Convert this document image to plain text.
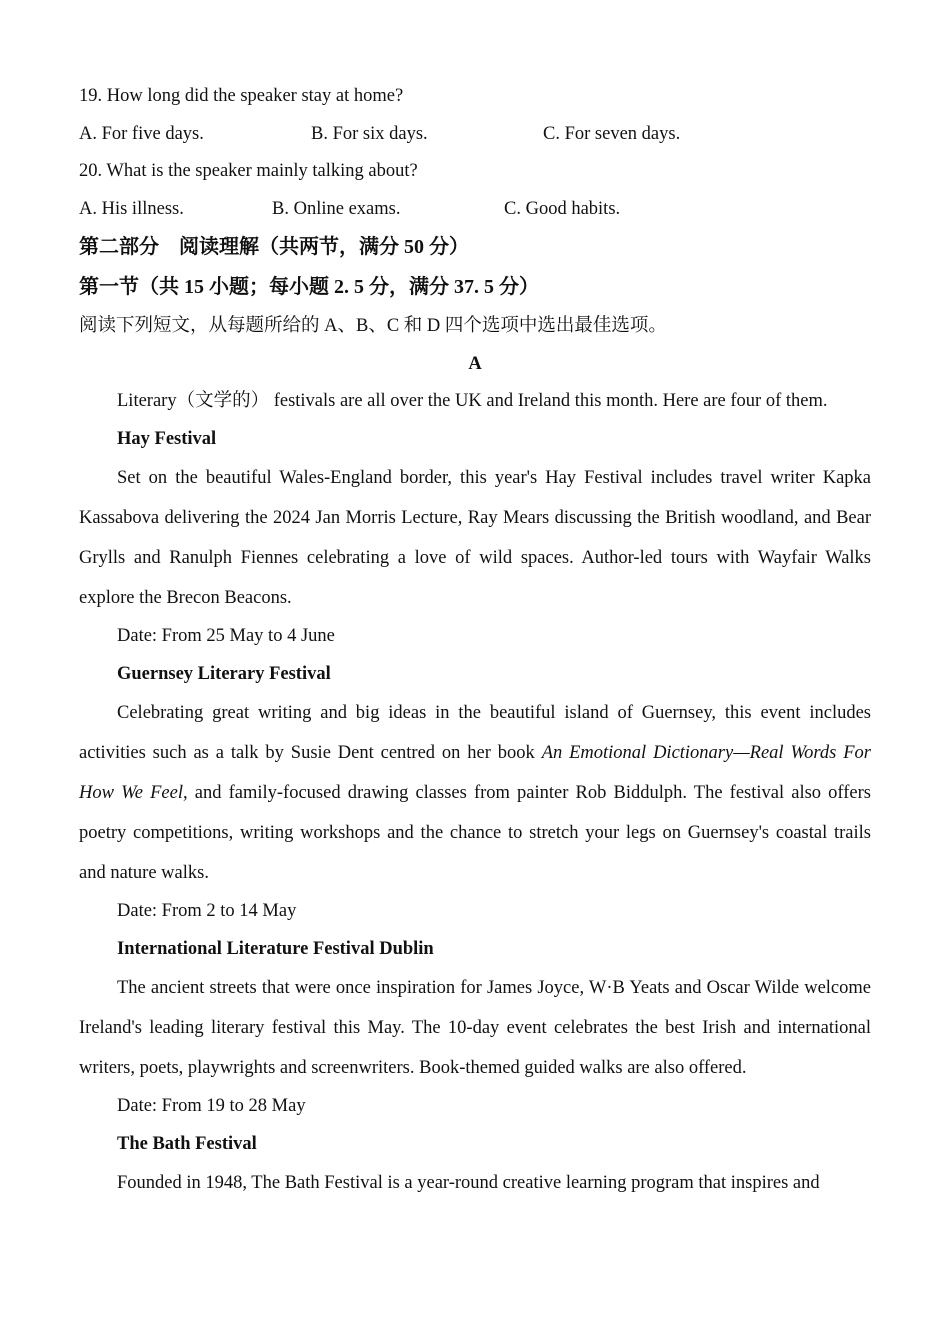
19. How long did the speaker stay at home?
A. For five days.	B. For six days.	C. For seven days.
20. What is the speaker mainly talking about?
A. His illness.	B. Online exams.	C. Good habits.
第二部分　阅读理解（共两节，满分 50 分）
第一节（共 15 小题；每小题 2. 5 分，满分 37. 5 分）
阅读下列短文，从每题所给的 A、B、C 和 D 四个选项中选出最佳选项。
A
Literary（文学的） festivals are all over the UK and Ireland this month. Here are four of them.
Hay Festival

Set on the beautiful Wales-England border, this year's Hay Festival includes travel writer Kapka Kassabova delivering the 2024 Jan Morris Lecture, Ray Mears discussing the British woodland, and Bear Grylls and Ranulph Fiennes celebrating a love of wild spaces. Author-led tours with Wayfair Walks explore the Brecon Beacons.

Date: From 25 May to 4 June
Guernsey Literary Festival

Celebrating great writing and big ideas in the beautiful island of Guernsey, this event includes activities such as a talk by Susie Dent centred on her book An Emotional Dictionary—Real Words For How We Feel, and family-focused drawing classes from painter Rob Biddulph. The festival also offers poetry competitions, writing workshops and the chance to stretch your legs on Guernsey's coastal trails and nature walks.

Date: From 2 to 14 May
International Literature Festival Dublin

The ancient streets that were once inspiration for James Joyce, W·B Yeats and Oscar Wilde welcome Ireland's leading literary festival this May. The 10-day event celebrates the best Irish and international writers, poets, playwrights and screenwriters. Book-themed guided walks are also offered.

Date: From 19 to 28 May
The Bath Festival

Founded in 1948, The Bath Festival is a year-round creative learning program that inspires and
